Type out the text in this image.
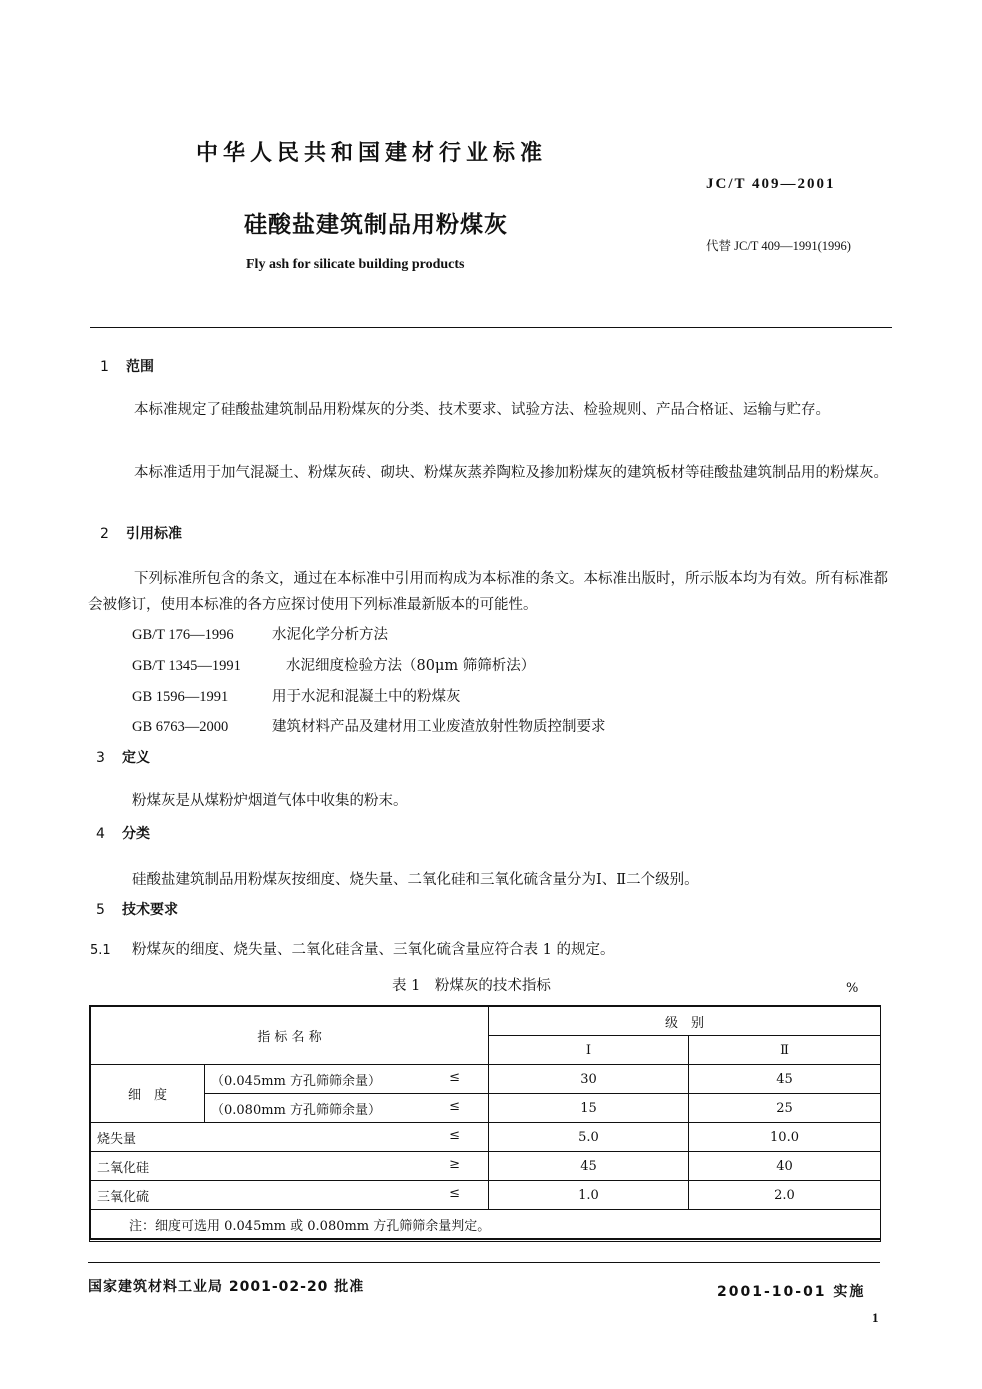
中华人民共和国建材行业标准
JC/T 409—2001
硅酸盐建筑制品用粉煤灰
代替 JC/T 409—1991(1996)
Fly ash for silicate building products
1 范围
本标准规定了硅酸盐建筑制品用粉煤灰的分类、技术要求、试验方法、检验规则、产品合格证、运输与贮存。
本标准适用于加气混凝土、粉煤灰砖、砌块、粉煤灰蒸养陶粒及掺加粉煤灰的建筑板材等硅酸盐建筑制品用的粉煤灰。
2 引用标准
下列标准所包含的条文，通过在本标准中引用而构成为本标准的条文。本标准出版时，所示版本均为有效。所有标准都会被修订，使用本标准的各方应探讨使用下列标准最新版本的可能性。
GB/T 176—1996	水泥化学分析方法
GB/T 1345—1991	水泥细度检验方法（80μm 筛筛析法）
GB 1596—1991	用于水泥和混凝土中的粉煤灰
GB 6763—2000	建筑材料产品及建材用工业废渣放射性物质控制要求
3 定义
粉煤灰是从煤粉炉烟道气体中收集的粉末。
4 分类
硅酸盐建筑制品用粉煤灰按细度、烧失量、二氧化硅和三氧化硫含量分为Ⅰ、Ⅱ二个级别。
5 技术要求
5.1 粉煤灰的细度、烧失量、二氧化硅含量、三氧化硫含量应符合表 1 的规定。
表 1　粉煤灰的技术指标	%
指 标 名 称		级　别	
		Ⅰ	Ⅱ
细　度	（0.045mm 方孔筛筛余量） ≤	30	45
	（0.080mm 方孔筛筛余量） ≤	15	25
烧失量 ≤		5.0	10.0
二氧化硅 ≥		45	40
三氧化硫 ≤		1.0	2.0
注：细度可选用 0.045mm 或 0.080mm 方孔筛筛余量判定。			
国家建筑材料工业局 2001-02-20 批准	2001-10-01 实施
1
